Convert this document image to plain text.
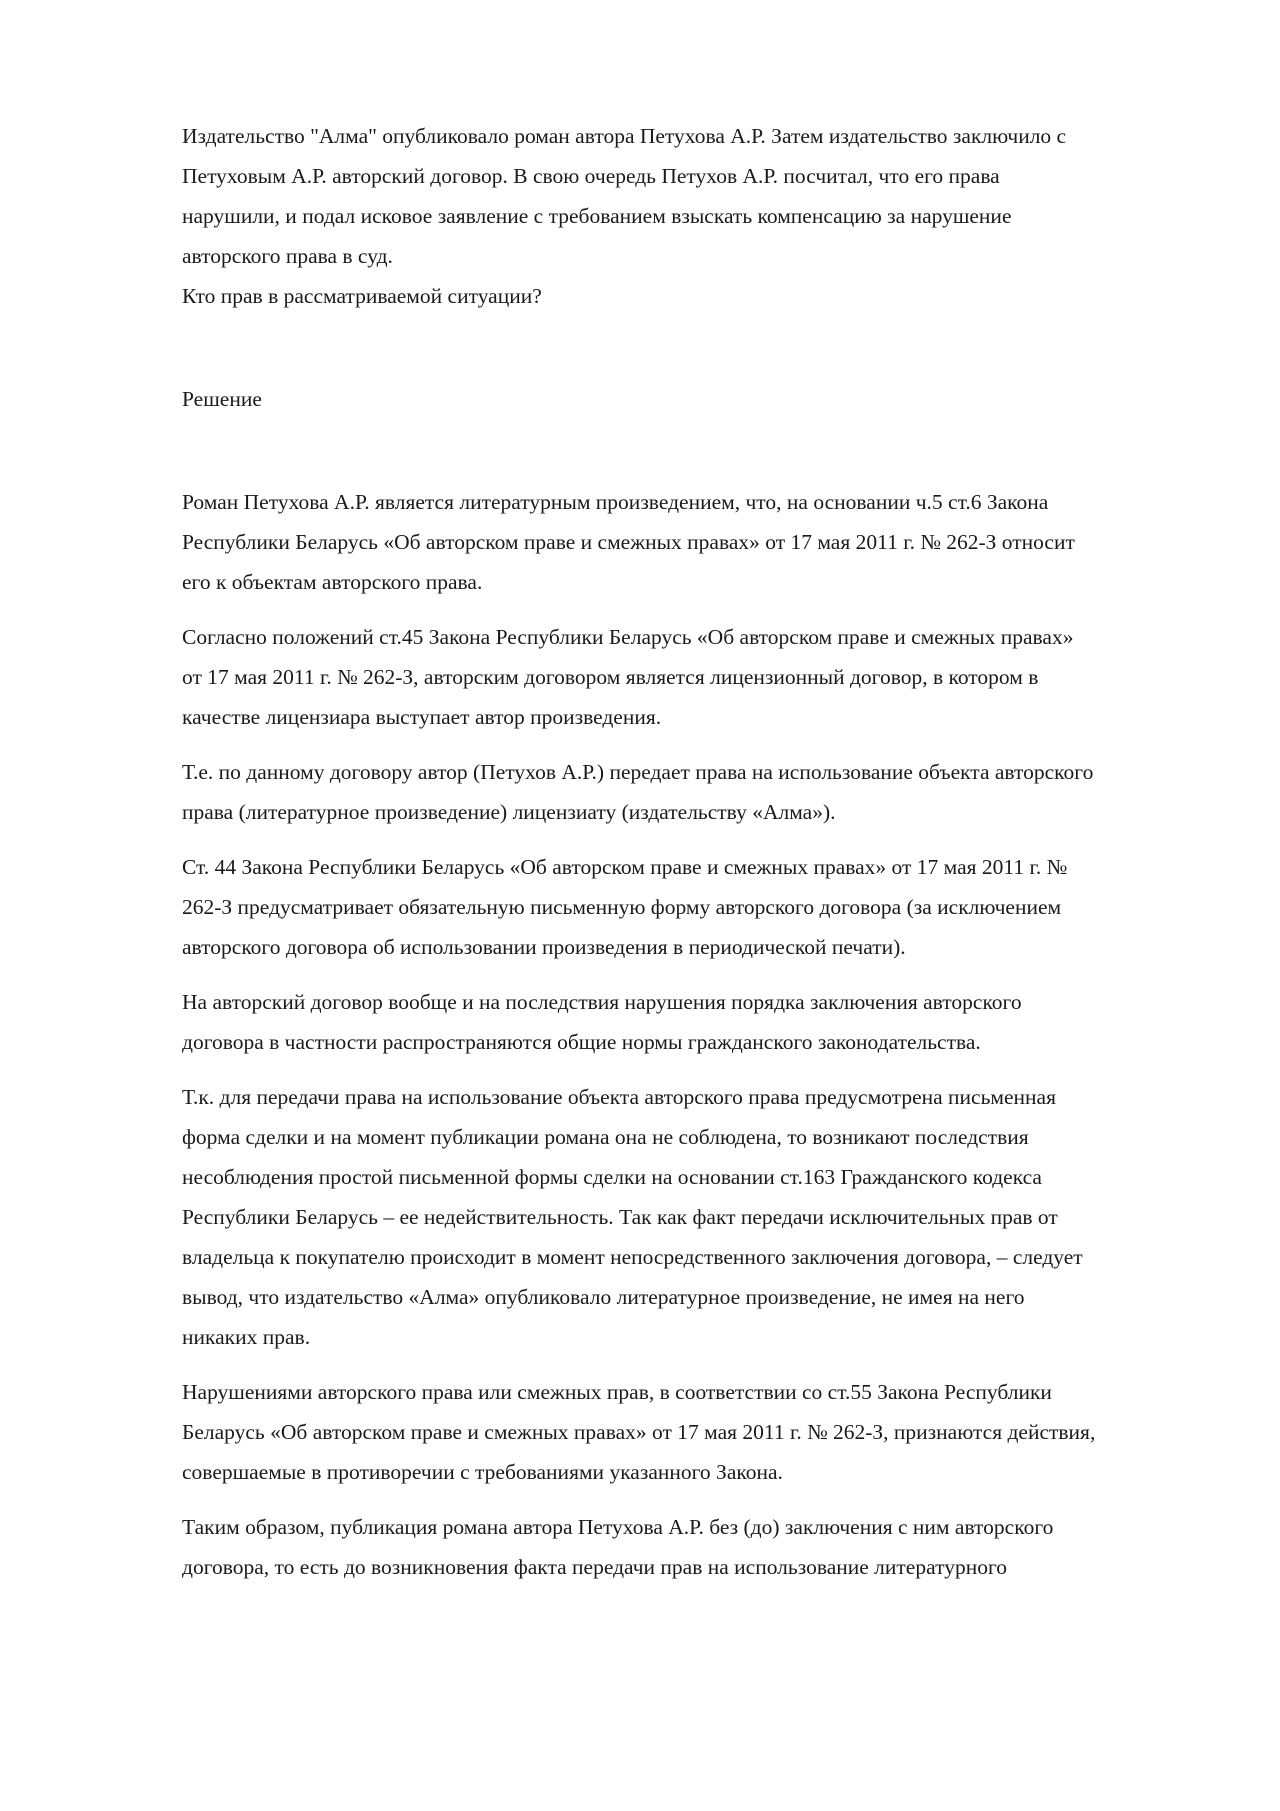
Издательство "Алма" опубликовало роман автора Петухова А.Р. Затем издательство заключило с

Петуховым А.Р. авторский договор. В свою очередь Петухов А.Р. посчитал, что его права

нарушили, и подал исковое заявление с требованием взыскать компенсацию за нарушение

авторского права в суд.

Кто прав в рассматриваемой ситуации?

Решение

Роман Петухова А.Р. является литературным произведением, что, на основании ч.5 ст.6 Закона

Республики Беларусь «Об авторском праве и смежных правах» от 17 мая 2011 г. № 262-З относит

его к объектам авторского права.

Согласно положений ст.45 Закона Республики Беларусь «Об авторском праве и смежных правах»

от 17 мая 2011 г. № 262-З, авторским договором является лицензионный договор, в котором в

качестве лицензиара выступает автор произведения.

Т.е. по данному договору автор (Петухов А.Р.) передает права на использование объекта авторского

права (литературное произведение) лицензиату (издательству «Алма»).

Ст. 44 Закона Республики Беларусь «Об авторском праве и смежных правах» от 17 мая 2011 г. №

262-З предусматривает обязательную письменную форму авторского договора (за исключением

авторского договора об использовании произведения в периодической печати).

На авторский договор вообще и на последствия нарушения порядка заключения авторского

договора в частности распространяются общие нормы гражданского законодательства.

Т.к. для передачи права на использование объекта авторского права предусмотрена письменная

форма сделки и на момент публикации романа она не соблюдена, то возникают последствия

несоблюдения простой письменной формы сделки на основании ст.163 Гражданского кодекса

Республики Беларусь – ее недействительность. Так как факт передачи исключительных прав от

владельца к покупателю происходит в момент непосредственного заключения договора, – следует

вывод, что издательство «Алма» опубликовало литературное произведение, не имея на него

никаких прав.

Нарушениями авторского права или смежных прав, в соответствии со ст.55 Закона Республики

Беларусь «Об авторском праве и смежных правах» от 17 мая 2011 г. № 262-З, признаются действия,

совершаемые в противоречии с требованиями указанного Закона.

Таким образом, публикация романа автора Петухова А.Р. без (до) заключения с ним авторского

договора, то есть до возникновения факта передачи прав на использование литературного
